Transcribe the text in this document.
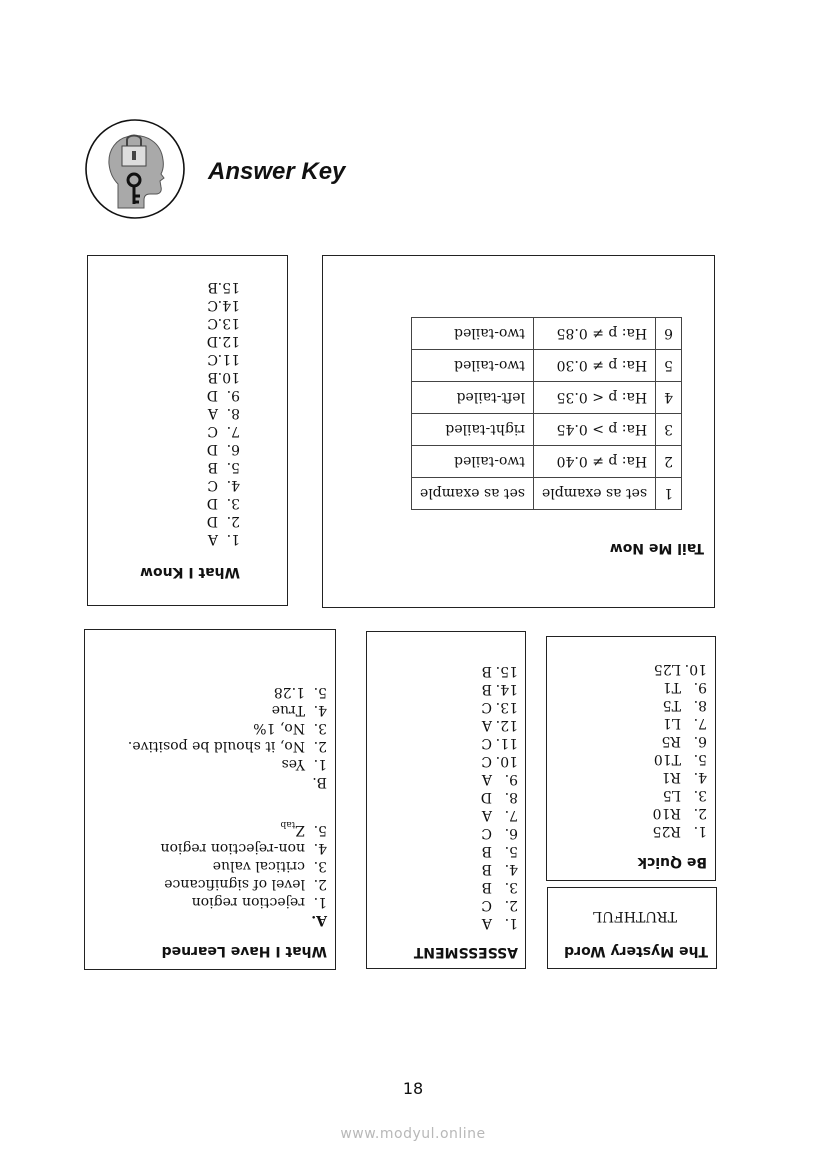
Answer Key
What I Know
1.A
2.D
3.D
4.C
5.B
6.D
7.C
8.A
9.D
10.B
11.C
12.D
13.C
14.C
15.B
Tail Me Now
1	set as example	set as example
2	Ha: p ≠ 0.40	two-tailed
3	Ha: p > 0.45	right-tailed
4	Ha: p < 0.35	left-tailed
5	Ha: p ≠ 0.30	two-tailed
6	Ha: p ≠ 0.85	two-tailed
What I Have Learned
A.
1.rejection region
2.level of significance
3.critical value
4.non-rejection region
$5.Z_{tab}$
B.
1.Yes
2.No, it should be positive.
3.No, 1%
4.True
5.1.28
ASSESSMENT
1.A
2.C
3.B
4.B
5.B
6.C
7.A
8.D
9.A
10.C
11.C
12.A
13.C
14.B
15.B
Be Quick
1.R25
2.R10
3.L5
4.R1
5.T10
6.R5
7.L1
8.T5
9.T1
10.L25
The Mystery Word
TRUTHFUL
18
www.modyul.online
